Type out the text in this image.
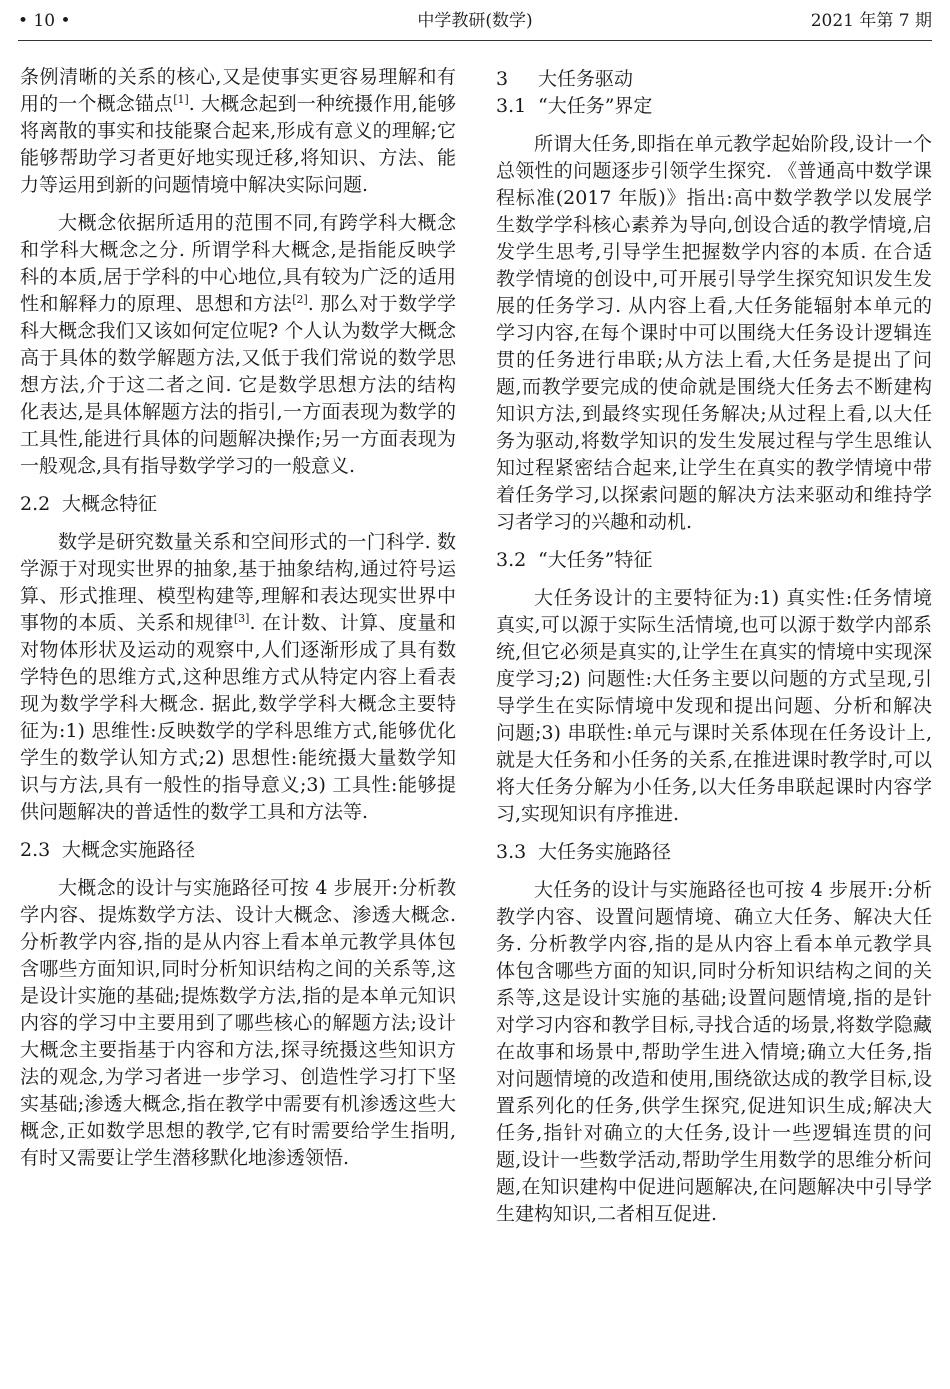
• 10 •	中学教研(数学)	2021 年第 7 期

条例清晰的关系的核心,又是使事实更容易理解和有用的一个概念锚点[1]. 大概念起到一种统摄作用,能够将离散的事实和技能聚合起来,形成有意义的理解;它能够帮助学习者更好地实现迁移,将知识、方法、能力等运用到新的问题情境中解决实际问题.

大概念依据所适用的范围不同,有跨学科大概念和学科大概念之分. 所谓学科大概念,是指能反映学科的本质,居于学科的中心地位,具有较为广泛的适用性和解释力的原理、思想和方法[2]. 那么对于数学学科大概念我们又该如何定位呢? 个人认为数学大概念高于具体的数学解题方法,又低于我们常说的数学思想方法,介于这二者之间. 它是数学思想方法的结构化表达,是具体解题方法的指引,一方面表现为数学的工具性,能进行具体的问题解决操作;另一方面表现为一般观念,具有指导数学学习的一般意义.

2.2 大概念特征

数学是研究数量关系和空间形式的一门科学. 数学源于对现实世界的抽象,基于抽象结构,通过符号运算、形式推理、模型构建等,理解和表达现实世界中事物的本质、关系和规律[3]. 在计数、计算、度量和对物体形状及运动的观察中,人们逐渐形成了具有数学特色的思维方式,这种思维方式从特定内容上看表现为数学学科大概念. 据此,数学学科大概念主要特征为:1) 思维性:反映数学的学科思维方式,能够优化学生的数学认知方式;2) 思想性:能统摄大量数学知识与方法,具有一般性的指导意义;3) 工具性:能够提供问题解决的普适性的数学工具和方法等.

2.3 大概念实施路径

大概念的设计与实施路径可按 4 步展开:分析教学内容、提炼数学方法、设计大概念、渗透大概念. 分析教学内容,指的是从内容上看本单元教学具体包含哪些方面知识,同时分析知识结构之间的关系等,这是设计实施的基础;提炼数学方法,指的是本单元知识内容的学习中主要用到了哪些核心的解题方法;设计大概念主要指基于内容和方法,探寻统摄这些知识方法的观念,为学习者进一步学习、创造性学习打下坚实基础;渗透大概念,指在教学中需要有机渗透这些大概念,正如数学思想的教学,它有时需要给学生指明,有时又需要让学生潜移默化地渗透领悟.

3 大任务驱动
3.1 “大任务”界定

所谓大任务,即指在单元教学起始阶段,设计一个总领性的问题逐步引领学生探究. 《普通高中数学课程标准(2017 年版)》指出:高中数学教学以发展学生数学学科核心素养为导向,创设合适的教学情境,启发学生思考,引导学生把握数学内容的本质. 在合适教学情境的创设中,可开展引导学生探究知识发生发展的任务学习. 从内容上看,大任务能辐射本单元的学习内容,在每个课时中可以围绕大任务设计逻辑连贯的任务进行串联;从方法上看,大任务是提出了问题,而教学要完成的使命就是围绕大任务去不断建构知识方法,到最终实现任务解决;从过程上看,以大任务为驱动,将数学知识的发生发展过程与学生思维认知过程紧密结合起来,让学生在真实的教学情境中带着任务学习,以探索问题的解决方法来驱动和维持学习者学习的兴趣和动机.

3.2 “大任务”特征

大任务设计的主要特征为:1) 真实性:任务情境真实,可以源于实际生活情境,也可以源于数学内部系统,但它必须是真实的,让学生在真实的情境中实现深度学习;2) 问题性:大任务主要以问题的方式呈现,引导学生在实际情境中发现和提出问题、分析和解决问题;3) 串联性:单元与课时关系体现在任务设计上,就是大任务和小任务的关系,在推进课时教学时,可以将大任务分解为小任务,以大任务串联起课时内容学习,实现知识有序推进.

3.3 大任务实施路径

大任务的设计与实施路径也可按 4 步展开:分析教学内容、设置问题情境、确立大任务、解决大任务. 分析教学内容,指的是从内容上看本单元教学具体包含哪些方面的知识,同时分析知识结构之间的关系等,这是设计实施的基础;设置问题情境,指的是针对学习内容和教学目标,寻找合适的场景,将数学隐藏在故事和场景中,帮助学生进入情境;确立大任务,指对问题情境的改造和使用,围绕欲达成的教学目标,设置系列化的任务,供学生探究,促进知识生成;解决大任务,指针对确立的大任务,设计一些逻辑连贯的问题,设计一些数学活动,帮助学生用数学的思维分析问题,在知识建构中促进问题解决,在问题解决中引导学生建构知识,二者相互促进.
